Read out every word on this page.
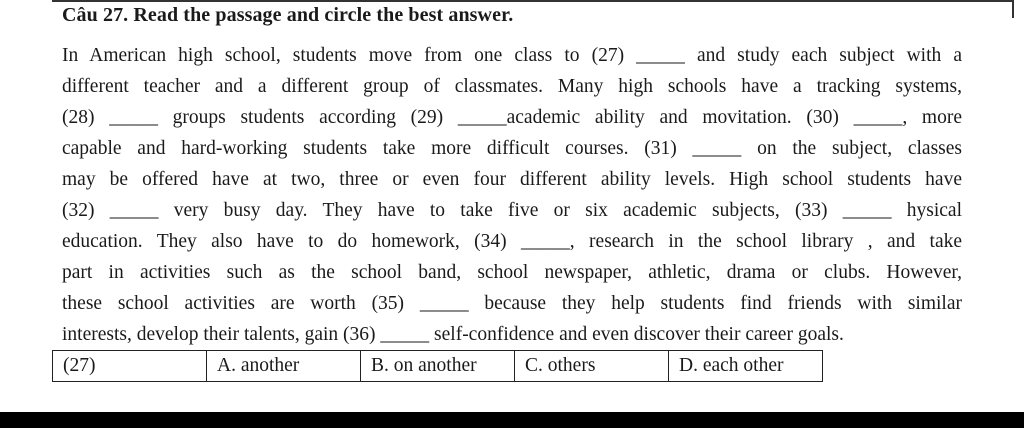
Câu 27. Read the passage and circle the best answer.
In American high school, students move from one class to (27) _____ and study each subject with a
different teacher and a different group of classmates. Many high schools have a tracking systems,
(28) _____ groups students according (29) _____academic ability and movitation. (30) _____, more
capable and hard-working students take more difficult courses. (31) _____ on the subject, classes
may be offered have at two, three or even four different ability levels. High school students have
(32) _____ very busy day. They have to take five or six academic subjects, (33) _____ hysical
education. They also have to do homework, (34) _____, research in the school library , and take
part in activities such as the school band, school newspaper, athletic, drama or clubs. However,
these school activities are worth (35) _____ because they help students find friends with similar
interests, develop their talents, gain (36) _____ self-confidence and even discover their career goals.
(27)	A. another	B. on another	C. others	D. each other
